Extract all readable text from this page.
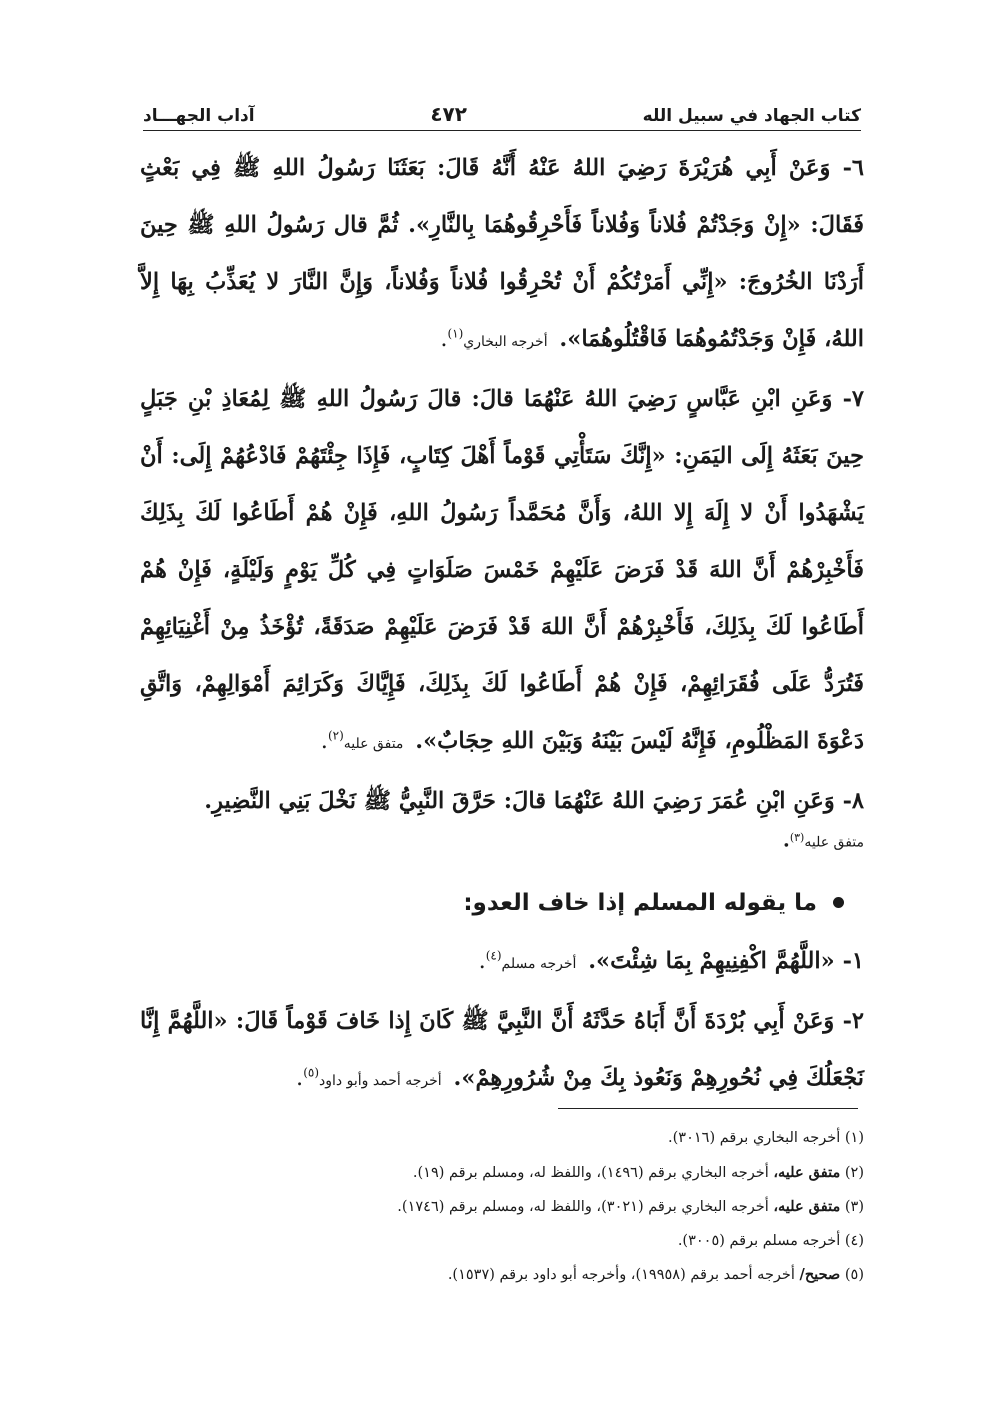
كتاب الجهاد في سبيل الله
٤٧٢
آداب الجهـــاد

٦- وَعَنْ أَبِي هُرَيْرَةَ رَضِيَ اللهُ عَنْهُ أَنَّهُ قَالَ: بَعَثَنَا رَسُولُ اللهِ ﷺ فِي بَعْثٍ فَقَالَ: «إِنْ وَجَدْتُمْ فُلاناً وَفُلاناً فَأَحْرِقُوهُمَا بِالنَّارِ». ثُمَّ قال رَسُولُ اللهِ ﷺ حِينَ أَرَدْنَا الخُرُوجَ: «إِنِّي أَمَرْتُكُمْ أَنْ تُحْرِقُوا فُلاناً وَفُلاناً، وَإِنَّ النَّارَ لا يُعَذِّبُ بِهَا إِلاَّ اللهُ، فَإِنْ وَجَدْتُمُوهُمَا فَاقْتُلُوهُمَا». أخرجه البخاري$^{(١)}$.

٧- وَعَنِ ابْنِ عَبَّاسٍ رَضِيَ اللهُ عَنْهُمَا قالَ: قالَ رَسُولُ اللهِ ﷺ لِمُعَاذِ بْنِ جَبَلٍ حِينَ بَعَثَهُ إِلَى اليَمَنِ: «إِنَّكَ سَتَأْتِي قَوْماً أَهْلَ كِتَابٍ، فَإِذَا جِئْتَهُمْ فَادْعُهُمْ إِلَى: أَنْ يَشْهَدُوا أَنْ لا إِلَهَ إِلا اللهُ، وَأَنَّ مُحَمَّداً رَسُولُ اللهِ، فَإِنْ هُمْ أَطَاعُوا لَكَ بِذَلِكَ فَأَخْبِرْهُمْ أَنَّ اللهَ قَدْ فَرَضَ عَلَيْهِمْ خَمْسَ صَلَوَاتٍ فِي كُلِّ يَوْمٍ وَلَيْلَةٍ، فَإِنْ هُمْ أَطَاعُوا لَكَ بِذَلِكَ، فَأَخْبِرْهُمْ أَنَّ اللهَ قَدْ فَرَضَ عَلَيْهِمْ صَدَقَةً، تُؤْخَذُ مِنْ أَغْنِيَائِهِمْ فَتُرَدُّ عَلَى فُقَرَائِهِمْ، فَإِنْ هُمْ أَطَاعُوا لَكَ بِذَلِكَ، فَإِيَّاكَ وَكَرَائِمَ أَمْوَالِهِمْ، وَاتَّقِ دَعْوَةَ المَظْلُومِ، فَإِنَّهُ لَيْسَ بَيْنَهُ وَبَيْنَ اللهِ حِجَابٌ». متفق عليه$^{(٢)}$.

٨- وَعَنِ ابْنِ عُمَرَ رَضِيَ اللهُ عَنْهُمَا قالَ: حَرَّقَ النَّبِيُّ ﷺ نَخْلَ بَنِي النَّضِيرِ.

متفق عليه$^{(٣)}$.

ما يقوله المسلم إذا خاف العدو:

١- «اللَّهُمَّ اكْفِنِيهِمْ بِمَا شِئْتَ». أخرجه مسلم$^{(٤)}$.

٢- وَعَنْ أَبِي بُرْدَةَ أَنَّ أَبَاهُ حَدَّثَهُ أَنَّ النَّبِيَّ ﷺ كَانَ إِذا خَافَ قَوْماً قَالَ: «اللَّهُمَّ إِنَّا نَجْعَلُكَ فِي نُحُورِهِمْ وَنَعُوذ بِكَ مِنْ شُرُورِهِمْ». أخرجه أحمد وأبو داود$^{(٥)}$.

(١) أخرجه البخاري برقم (٣٠١٦).

(٢) متفق عليه، أخرجه البخاري برقم (١٤٩٦)، واللفظ له، ومسلم برقم (١٩).

(٣) متفق عليه، أخرجه البخاري برقم (٣٠٢١)، واللفظ له، ومسلم برقم (١٧٤٦).

(٤) أخرجه مسلم برقم (٣٠٠٥).

(٥) صحيح/ أخرجه أحمد برقم (١٩٩٥٨)، وأخرجه أبو داود برقم (١٥٣٧).
